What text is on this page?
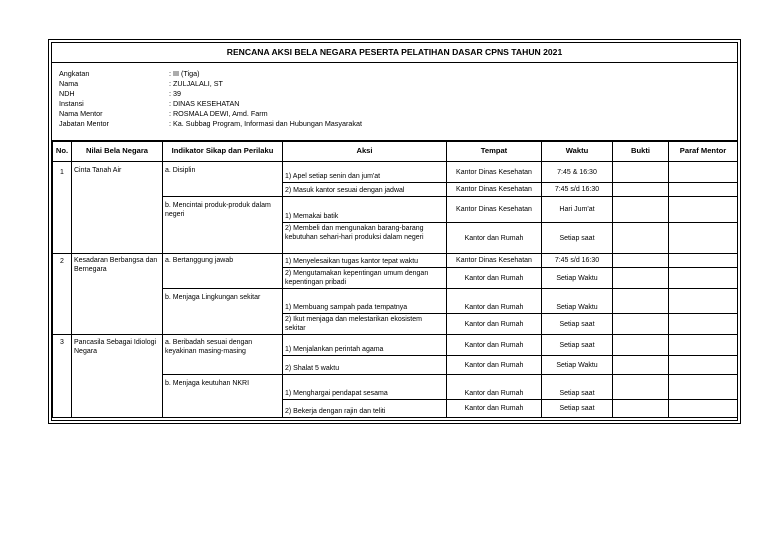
RENCANA AKSI BELA NEGARA PESERTA PELATIHAN DASAR CPNS TAHUN 2021
Angkatan	: III (Tiga)
Nama	: ZULJALALI, ST
NDH	: 39
Instansi	: DINAS KESEHATAN
Nama Mentor	: ROSMALA DEWI, Amd. Farm
Jabatan Mentor	: Ka. Subbag Program, Informasi dan Hubungan Masyarakat
No.	Nilai Bela Negara	Indikator Sikap dan Perilaku	Aksi	Tempat	Waktu	Bukti	Paraf Mentor
1	Cinta Tanah Air	a. Disiplin	1) Apel setiap senin dan jum'at	Kantor Dinas Kesehatan	7:45 & 16:30		
			2) Masuk kantor sesuai dengan jadwal	Kantor Dinas Kesehatan	7:45 s/d 16:30		
		b. Mencintai produk-produk dalam negeri	1) Memakai batik	Kantor Dinas Kesehatan	Hari Jum'at		
			2) Membeli dan mengunakan barang-barang kebutuhan sehari-hari produksi dalam negeri	Kantor dan Rumah	Setiap saat		
2	Kesadaran Berbangsa dan Bernegara	a. Bertanggung jawab	1) Menyelesaikan tugas kantor tepat waktu	Kantor Dinas Kesehatan	7:45 s/d 16:30		
			2) Mengutamakan kepentingan umum dengan kepentingan pribadi	Kantor dan Rumah	Setiap Waktu		
		b. Menjaga Lingkungan sekitar	1) Membuang sampah pada tempatnya	Kantor dan Rumah	Setiap Waktu		
			2) Ikut menjaga dan melestarikan ekosistem sekitar	Kantor dan Rumah	Setiap saat		
3	Pancasila Sebagai Idiologi Negara	a. Beribadah sesuai dengan keyakinan masing-masing	1) Menjalankan perintah agama	Kantor dan Rumah	Setiap saat		
			2) Shalat 5 waktu	Kantor dan Rumah	Setiap Waktu		
		b. Menjaga keutuhan NKRI	1) Menghargai pendapat sesama	Kantor dan Rumah	Setiap saat		
			2) Bekerja dengan rajin dan teliti	Kantor dan Rumah	Setiap saat		
